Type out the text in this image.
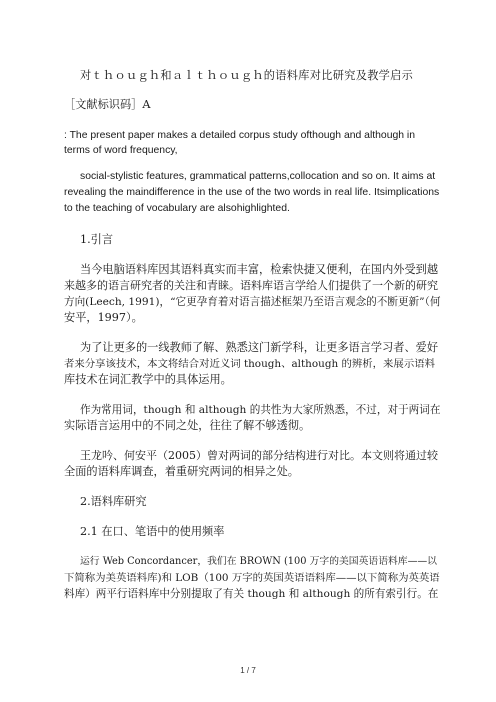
对ｔｈｏｕｇｈ和ａｌｔｈｏｕｇｈ的语料库对比研究及教学启示
［文献标识码］A
: The present paper makes a detailed corpus study ofthough and although in
terms of word frequency,
social-stylistic features, grammatical patterns,collocation and so on. It aims at
revealing the maindifference in the use of the two words in real life. Itsimplications
to the teaching of vocabulary are alsohighlighted.
1.引言
当今电脑语料库因其语料真实而丰富，检索快捷又便利，在国内外受到越
来越多的语言研究者的关注和青睐。语料库语言学给人们提供了一个新的研究
方向(Leech, 1991)，“它更孕育着对语言描述框架乃至语言观念的不断更新”（何
安平，1997）。
为了让更多的一线教师了解、熟悉这门新学科，让更多语言学习者、爱好
者来分享该技术，本文将结合对近义词 though、although 的辨析，来展示语料
库技术在词汇教学中的具体运用。
作为常用词，though 和 although 的共性为大家所熟悉，不过，对于两词在
实际语言运用中的不同之处，往往了解不够透彻。
王龙吟、何安平（2005）曾对两词的部分结构进行对比。本文则将通过较
全面的语料库调查，着重研究两词的相异之处。
2.语料库研究
2.1 在口、笔语中的使用频率
运行 Web Concordancer，我们在 BROWN (100 万字的美国英语语料库——以
下简称为美英语料库)和 LOB（100 万字的英国英语语料库——以下简称为英英语
料库）两平行语料库中分别提取了有关 though 和 although 的所有索引行。在
1 / 7
